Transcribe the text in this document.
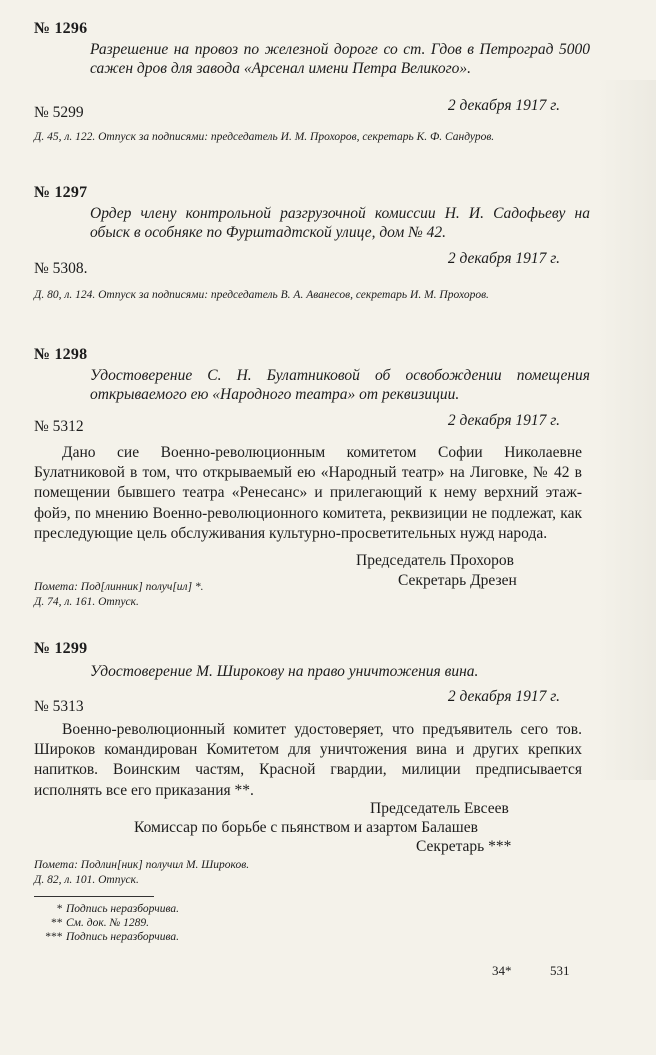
№ 1296
Разрешение на провоз по железной дороге со ст. Гдов в Петроград 5000 сажен дров для завода «Арсенал имени Петра Великого».
2 декабря 1917 г.
№ 5299
Д. 45, л. 122. Отпуск за подписями: председатель И. М. Прохоров, секретарь К. Ф. Сандуров.
№ 1297
Ордер члену контрольной разгрузочной комиссии Н. И. Садофьеву на обыск в особняке по Фурштадтской улице, дом № 42.
2 декабря 1917 г.
№ 5308.
Д. 80, л. 124. Отпуск за подписями: председатель В. А. Аванесов, секретарь И. М. Прохоров.
№ 1298
Удостоверение С. Н. Булатниковой об освобождении помещения открываемого ею «Народного театра» от реквизиции.
2 декабря 1917 г.
№ 5312
Дано сие Военно-революционным комитетом Софии Николаевне Булатниковой в том, что открываемый ею «Народный театр» на Лиговке, № 42 в помещении бывшего театра «Ренесанс» и прилегающий к нему верхний этаж-фойэ, по мнению Военно-революционного комитета, реквизиции не подлежат, как преследующие цель обслуживания культурно-просветительных нужд народа.
Председатель Прохоров
Секретарь Дрезен
Помета: Под[линник] получ[ил] *.
Д. 74, л. 161. Отпуск.
№ 1299
Удостоверение М. Широкову на право уничтожения вина.
2 декабря 1917 г.
№ 5313
Военно-революционный комитет удостоверяет, что предъявитель сего тов. Широков командирован Комитетом для уничтожения вина и других крепких напитков. Воинским частям, Красной гвардии, милиции предписывается исполнять все его приказания **.
Председатель Евсеев
Комиссар по борьбе с пьянством и азартом Балашев
Секретарь ***
Помета: Подлин[ник] получил М. Широков.
Д. 82, л. 101. Отпуск.
* Подпись неразборчива.
** См. док. № 1289.
*** Подпись неразборчива.
34*	531
